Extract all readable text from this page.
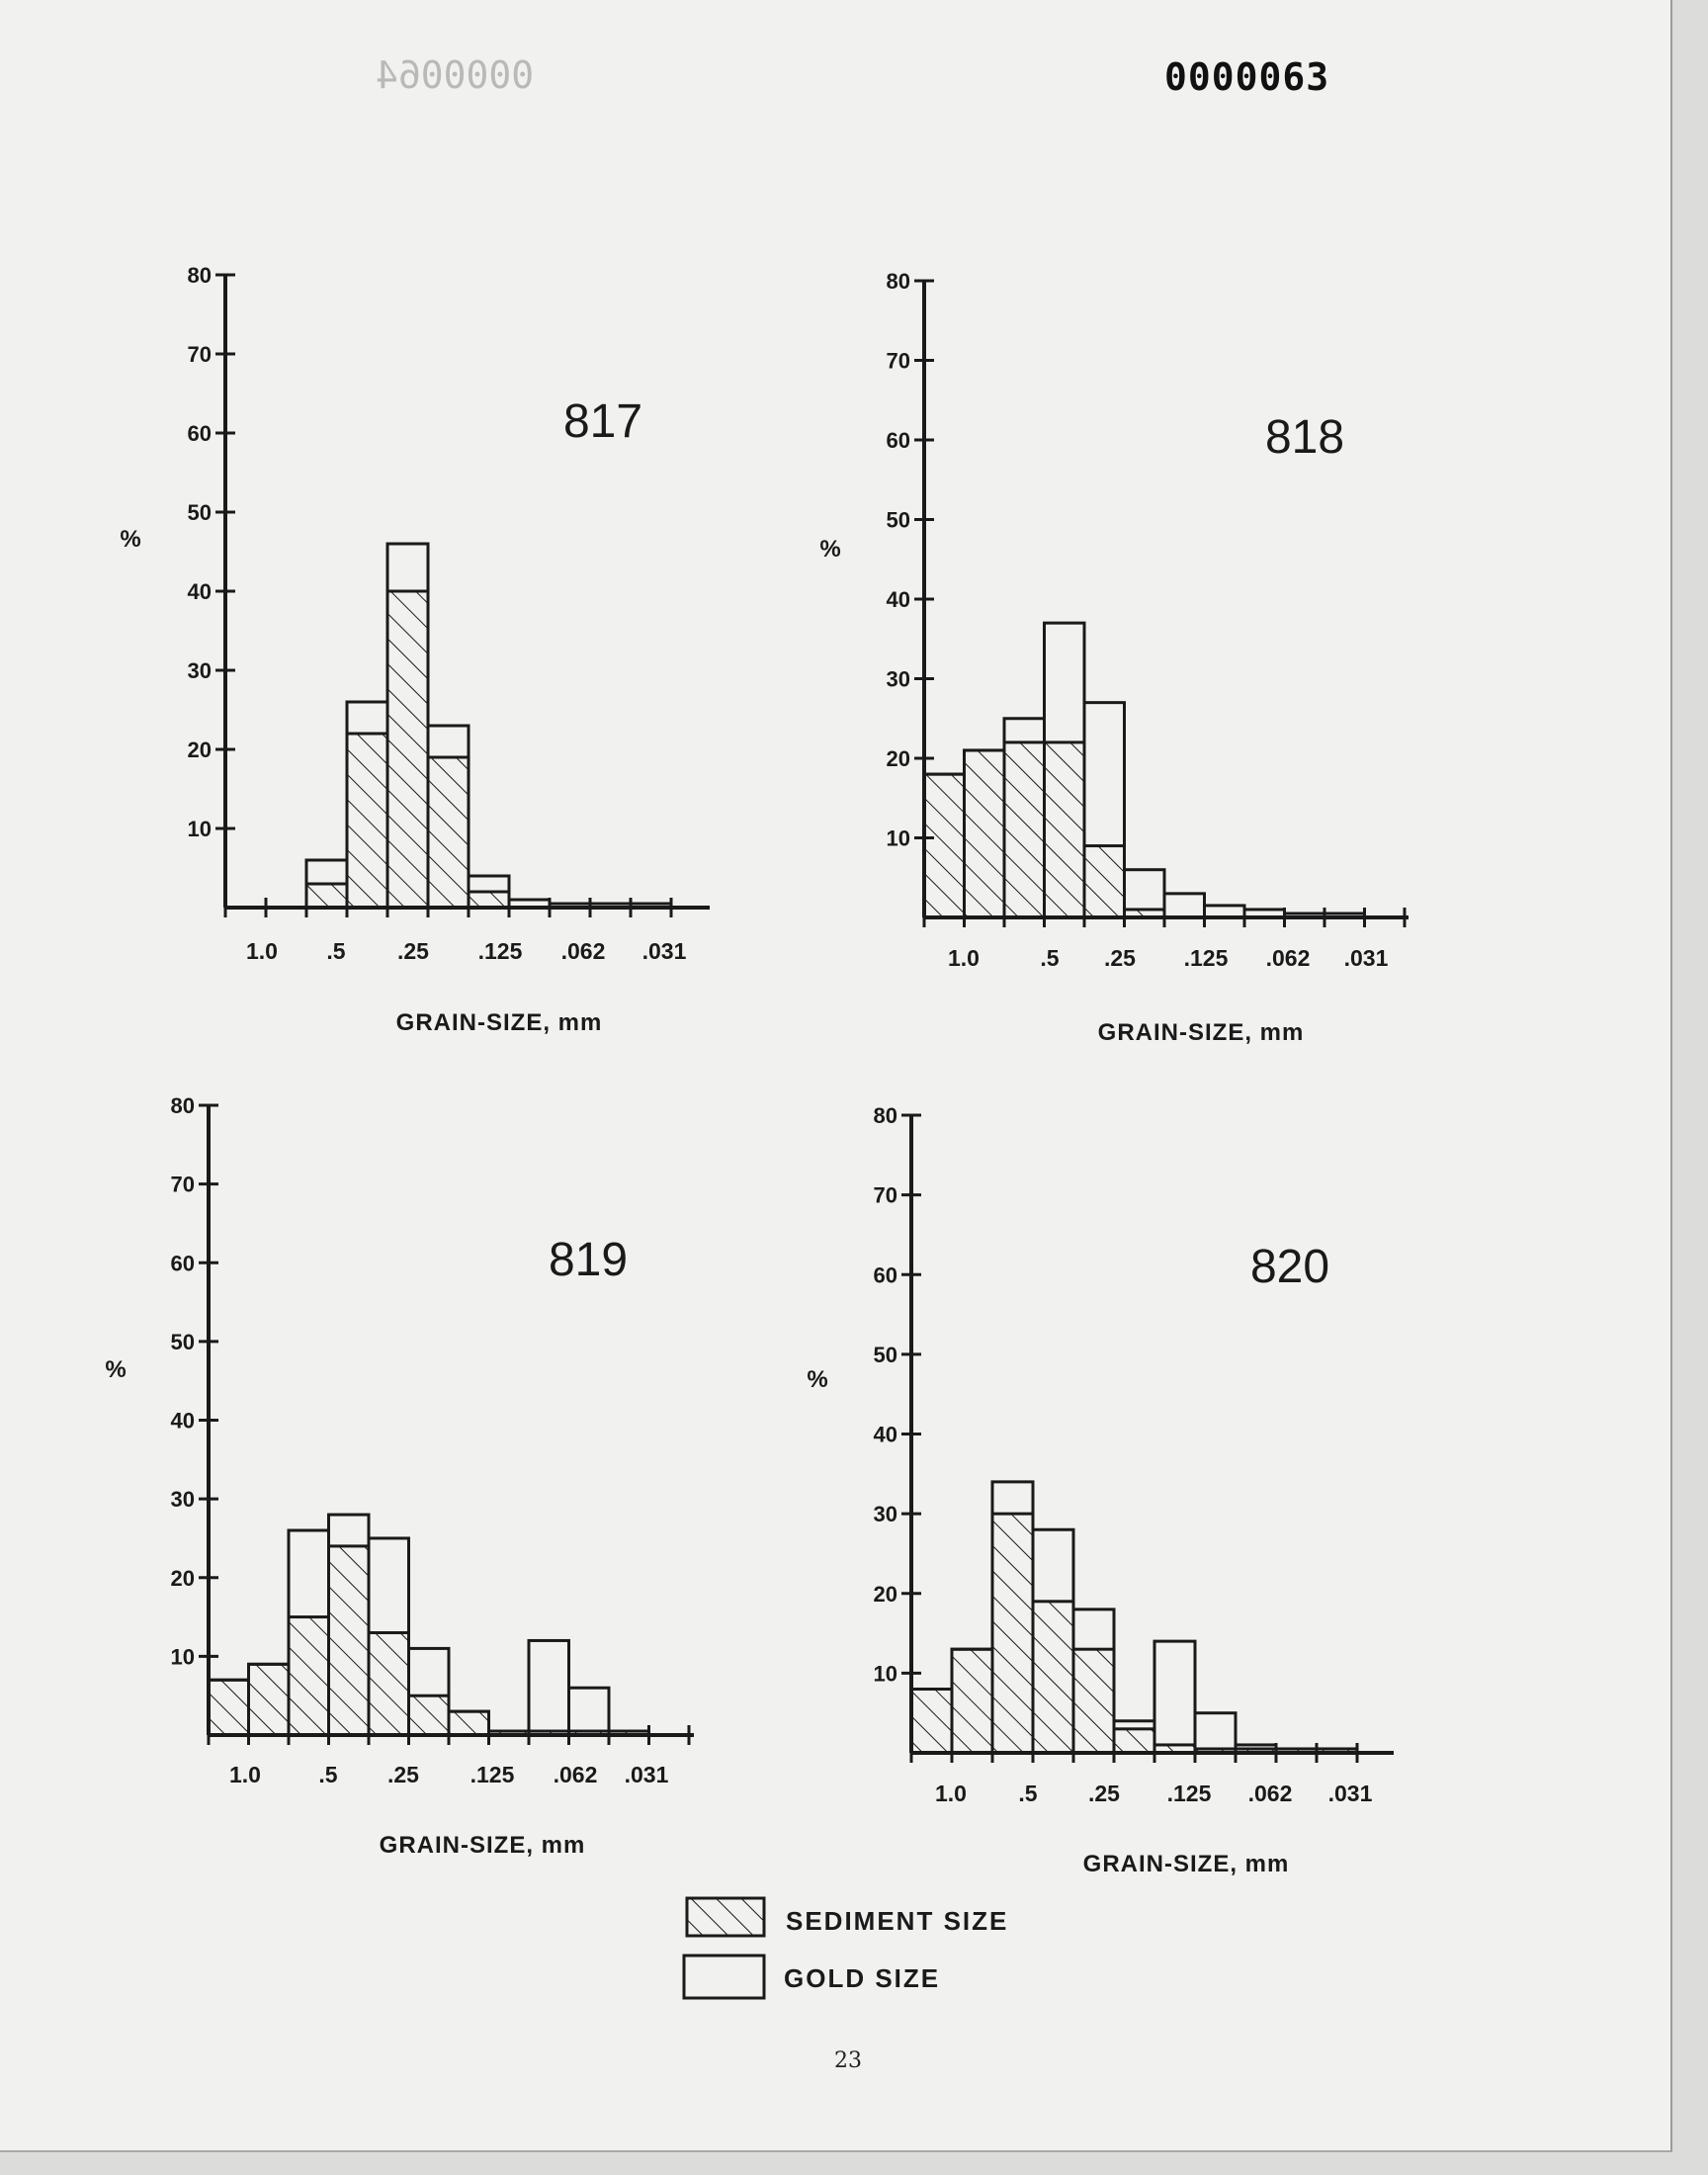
0000064	0000063
10
20
30
40
50
60
70
80
1.0 .5 .25 .125 .062 .031
%
817
GRAIN-SIZE, mm
10
20
30
40
50
60
70
80
1.0	.5 .25 .125 .062 .031
%
818
GRAIN-SIZE, mm
10
20
30
40
50
60
70
80
1.0	.5 .25 .125 .062 .031
%
819
GRAIN-SIZE, mm
10
20
30
40
50
60
70
80
1.0 .5 .25 .125 .062 .031
%
820
GRAIN-SIZE, mm
SEDIMENT SIZE
GOLD SIZE
23
